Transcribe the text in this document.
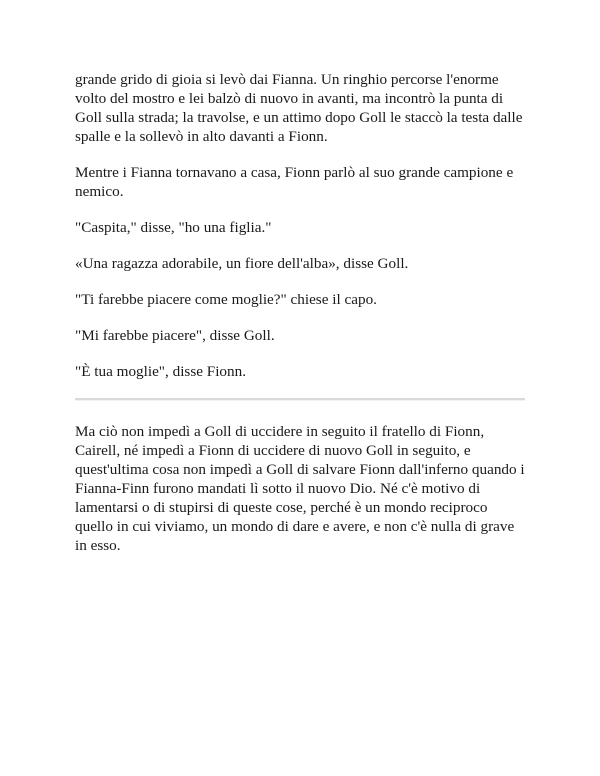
grande grido di gioia si levò dai Fianna. Un ringhio percorse l'enorme volto del mostro e lei balzò di nuovo in avanti, ma incontrò la punta di Goll sulla strada; la travolse, e un attimo dopo Goll le staccò la testa dalle spalle e la sollevò in alto davanti a Fionn.

Mentre i Fianna tornavano a casa, Fionn parlò al suo grande campione e nemico.

"Caspita," disse, "ho una figlia."

«Una ragazza adorabile, un fiore dell'alba», disse Goll.

"Ti farebbe piacere come moglie?" chiese il capo.

"Mi farebbe piacere", disse Goll.

"È tua moglie", disse Fionn.

Ma ciò non impedì a Goll di uccidere in seguito il fratello di Fionn, Cairell, né impedì a Fionn di uccidere di nuovo Goll in seguito, e quest'ultima cosa non impedì a Goll di salvare Fionn dall'inferno quando i Fianna-Finn furono mandati lì sotto il nuovo Dio. Né c'è motivo di lamentarsi o di stupirsi di queste cose, perché è un mondo reciproco quello in cui viviamo, un mondo di dare e avere, e non c'è nulla di grave in esso.
